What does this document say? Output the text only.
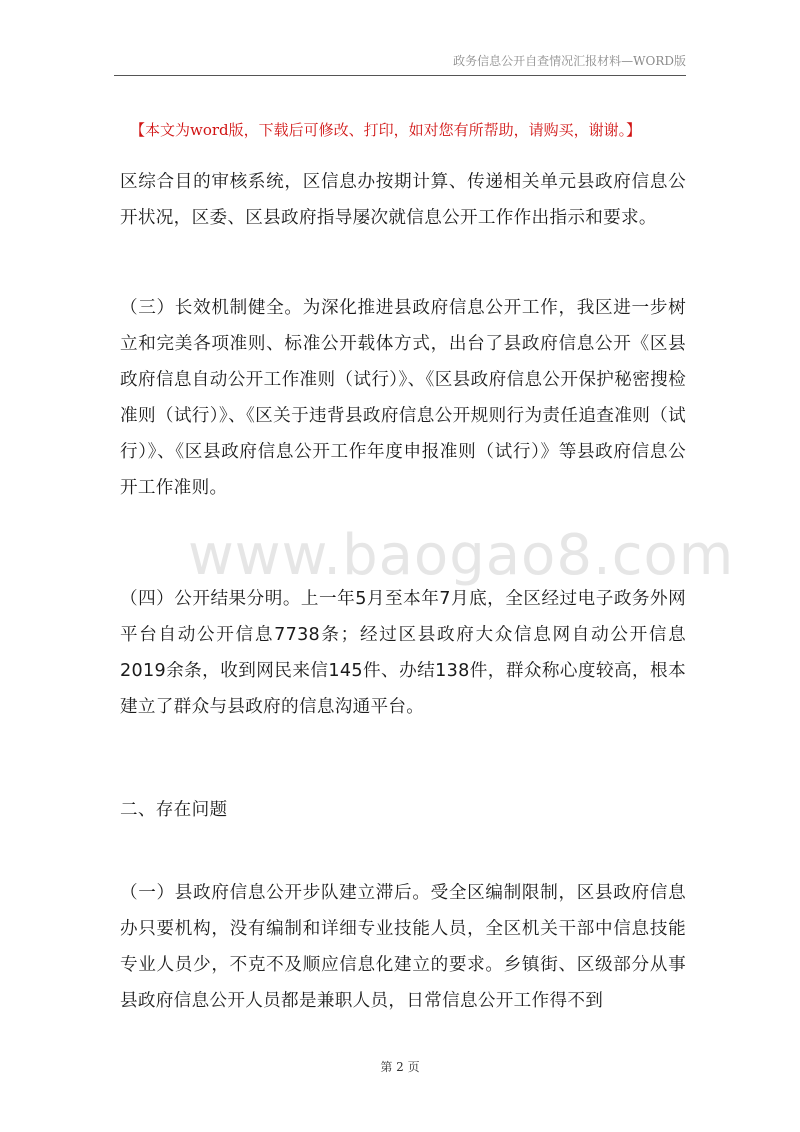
政务信息公开自查情况汇报材料—WORD版
【本文为word版，下载后可修改、打印，如对您有所帮助，请购买，谢谢。】
www.baogao8.com
区综合目的审核系统，区信息办按期计算、传递相关单元县政府信息公开状况，区委、区县政府指导屡次就信息公开工作作出指示和要求。
（三）长效机制健全。为深化推进县政府信息公开工作，我区进一步树立和完美各项准则、标准公开载体方式，出台了县政府信息公开《区县政府信息自动公开工作准则（试行）》、《区县政府信息公开保护秘密搜检准则（试行）》、《区关于违背县政府信息公开规则行为责任追查准则（试行）》、《区县政府信息公开工作年度申报准则（试行）》等县政府信息公开工作准则。
（四）公开结果分明。上一年5月至本年7月底，全区经过电子政务外网平台自动公开信息7738条；经过区县政府大众信息网自动公开信息2019余条，收到网民来信145件、办结138件，群众称心度较高，根本建立了群众与县政府的信息沟通平台。
二、存在问题
（一）县政府信息公开步队建立滞后。受全区编制限制，区县政府信息办只要机构，没有编制和详细专业技能人员，全区机关干部中信息技能专业人员少，不克不及顺应信息化建立的要求。乡镇街、区级部分从事县政府信息公开人员都是兼职人员，日常信息公开工作得不到
第 2 页
